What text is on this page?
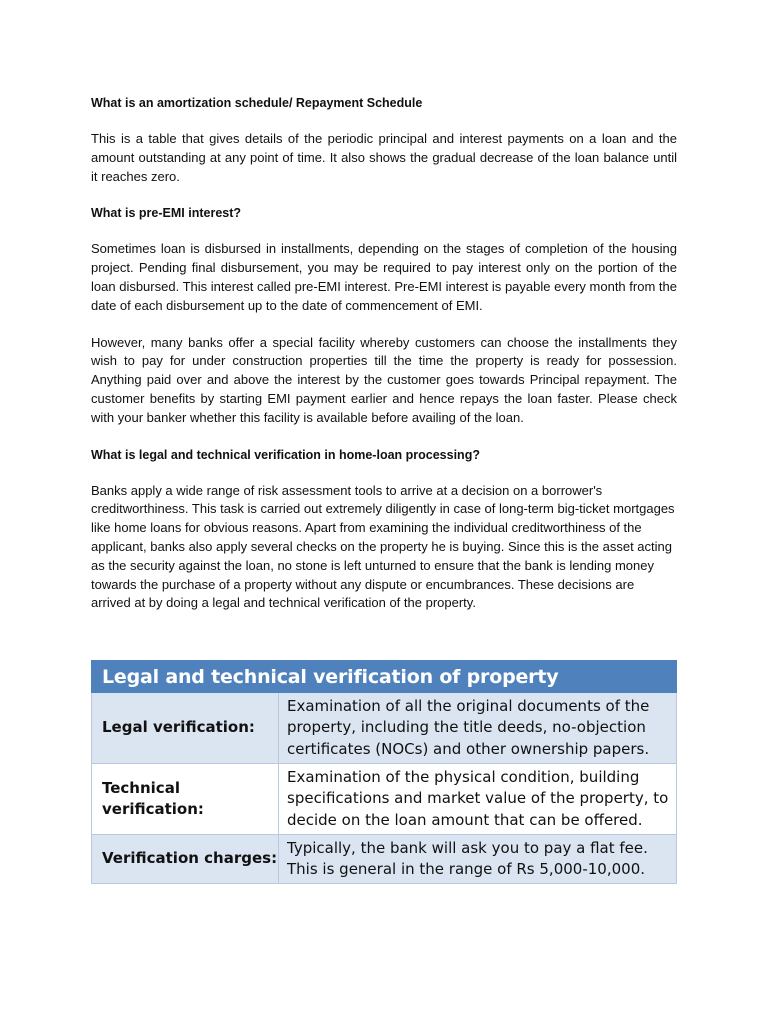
What is an amortization schedule/ Repayment Schedule

This is a table that gives details of the periodic principal and interest payments on a loan and the amount outstanding at any point of time. It also shows the gradual decrease of the loan balance until it reaches zero.

What is pre-EMI interest?

Sometimes loan is disbursed in installments, depending on the stages of completion of the housing project. Pending final disbursement, you may be required to pay interest only on the portion of the loan disbursed. This interest called pre-EMI interest. Pre-EMI interest is payable every month from the date of each disbursement up to the date of commencement of EMI.

However, many banks offer a special facility whereby customers can choose the installments they wish to pay for under construction properties till the time the property is ready for possession. Anything paid over and above the interest by the customer goes towards Principal repayment. The customer benefits by starting EMI payment earlier and hence repays the loan faster. Please check with your banker whether this facility is available before availing of the loan.

What is legal and technical verification in home-loan processing?

Banks apply a wide range of risk assessment tools to arrive at a decision on a borrower's creditworthiness. This task is carried out extremely diligently in case of long-term big-ticket mortgages like home loans for obvious reasons. Apart from examining the individual creditworthiness of the applicant, banks also apply several checks on the property he is buying. Since this is the asset acting as the security against the loan, no stone is left unturned to ensure that the bank is lending money towards the purchase of a property without any dispute or encumbrances. These decisions are arrived at by doing a legal and technical verification of the property.

Legal and technical verification of property	
Legal verification:	Examination of all the original documents of the property, including the title deeds, no-objection certificates (NOCs) and other ownership papers.
Technical verification:	Examination of the physical condition, building specifications and market value of the property, to decide on the loan amount that can be offered.
Verification charges:	Typically, the bank will ask you to pay a flat fee. This is general in the range of Rs 5,000-10,000.
